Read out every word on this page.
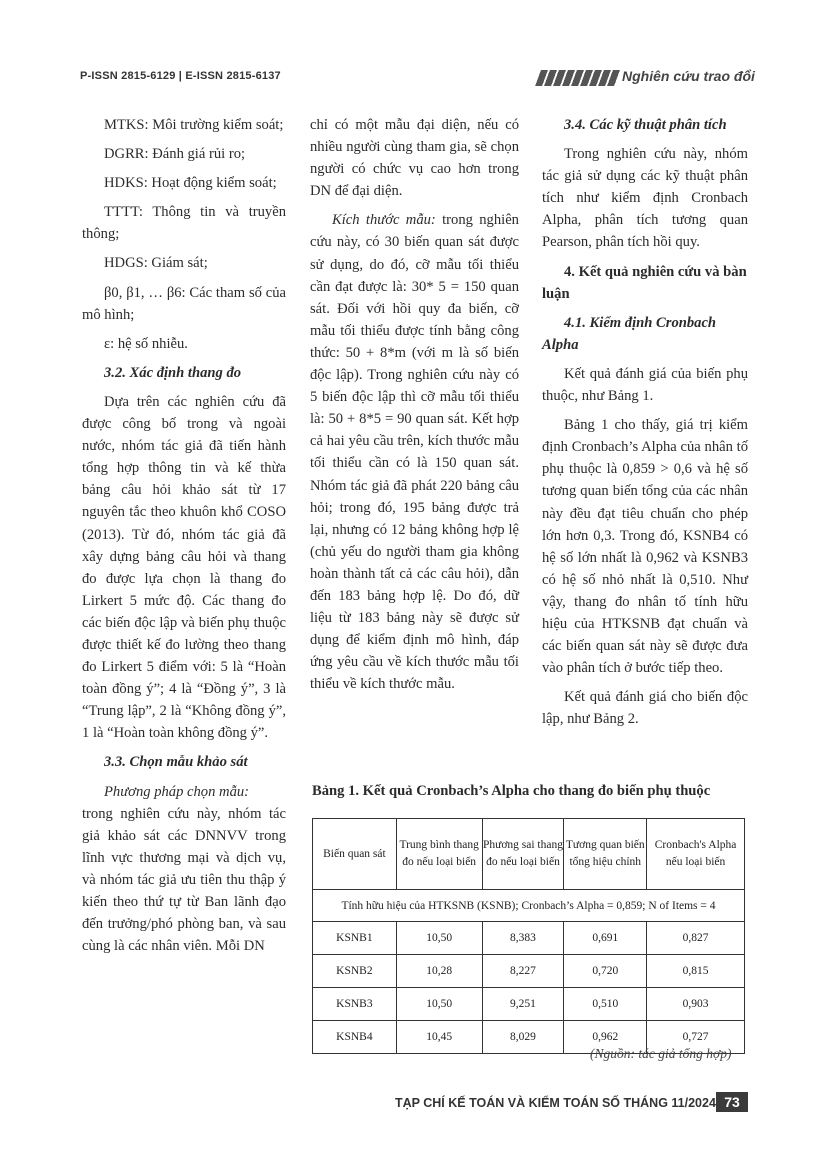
P-ISSN 2815-6129 | E-ISSN 2815-6137	Nghiên cứu trao đổi

MTKS: Môi trường kiểm soát;

DGRR: Đánh giá rủi ro;

HDKS: Hoạt động kiểm soát;

TTTT: Thông tin và truyền thông;

HDGS: Giám sát;

β0, β1, … β6: Các tham số của mô hình;

ε: hệ số nhiễu.

3.2. Xác định thang đo

Dựa trên các nghiên cứu đã được công bố trong và ngoài nước, nhóm tác giả đã tiến hành tổng hợp thông tin và kế thừa bảng câu hỏi khảo sát từ 17 nguyên tắc theo khuôn khổ COSO (2013). Từ đó, nhóm tác giả đã xây dựng bảng câu hỏi và thang đo được lựa chọn là thang đo Lirkert 5 mức độ. Các thang đo các biến độc lập và biến phụ thuộc được thiết kế đo lường theo thang đo Lirkert 5 điểm với: 5 là “Hoàn toàn đồng ý”; 4 là “Đồng ý”, 3 là “Trung lập”, 2 là “Không đồng ý”, 1 là “Hoàn toàn không đồng ý”.

3.3. Chọn mẫu khảo sát

Phương pháp chọn mẫu:

trong nghiên cứu này, nhóm tác giả khảo sát các DNNVV trong lĩnh vực thương mại và dịch vụ, và nhóm tác giả ưu tiên thu thập ý kiến theo thứ tự từ Ban lãnh đạo đến trưởng/phó phòng ban, và sau cùng là các nhân viên. Mỗi DN

chỉ có một mẫu đại diện, nếu có nhiều người cùng tham gia, sẽ chọn người có chức vụ cao hơn trong DN để đại diện.

Kích thước mẫu: trong nghiên cứu này, có 30 biến quan sát được sử dụng, do đó, cỡ mẫu tối thiểu cần đạt được là: 30* 5 = 150 quan sát. Đối với hồi quy đa biến, cỡ mẫu tối thiểu được tính bằng công thức: 50 + 8*m (với m là số biến độc lập). Trong nghiên cứu này có 5 biến độc lập thì cỡ mẫu tối thiểu là: 50 + 8*5 = 90 quan sát. Kết hợp cả hai yêu cầu trên, kích thước mẫu tối thiểu cần có là 150 quan sát. Nhóm tác giả đã phát 220 bảng câu hỏi; trong đó, 195 bảng được trả lại, nhưng có 12 bảng không hợp lệ (chủ yếu do người tham gia không hoàn thành tất cả các câu hỏi), dẫn đến 183 bảng hợp lệ. Do đó, dữ liệu từ 183 bảng này sẽ được sử dụng để kiểm định mô hình, đáp ứng yêu cầu về kích thước mẫu tối thiểu về kích thước mẫu.

3.4. Các kỹ thuật phân tích

Trong nghiên cứu này, nhóm tác giả sử dụng các kỹ thuật phân tích như kiểm định Cronbach Alpha, phân tích tương quan Pearson, phân tích hồi quy.

4. Kết quả nghiên cứu và bàn luận
4.1. Kiểm định Cronbach Alpha

Kết quả đánh giá của biến phụ thuộc, như Bảng 1.

Bảng 1 cho thấy, giá trị kiểm định Cronbach’s Alpha của nhân tố phụ thuộc là 0,859 > 0,6 và hệ số tương quan biến tổng của các nhân này đều đạt tiêu chuẩn cho phép lớn hơn 0,3. Trong đó, KSNB4 có hệ số lớn nhất là 0,962 và KSNB3 có hệ số nhỏ nhất là 0,510. Như vậy, thang đo nhân tố tính hữu hiệu của HTKSNB đạt chuẩn và các biến quan sát này sẽ được đưa vào phân tích ở bước tiếp theo.

Kết quả đánh giá cho biến độc lập, như Bảng 2.

Bảng 1. Kết quả Cronbach’s Alpha cho thang đo biến phụ thuộc
Biến quan sát	Trung bình thang đo nếu loại biến	Phương sai thang đo nếu loại biến	Tương quan biến tổng hiệu chỉnh	Cronbach's Alpha nếu loại biến
Tính hữu hiệu của HTKSNB (KSNB); Cronbach’s Alpha = 0,859; N of Items = 4				
KSNB1	10,50	8,383	0,691	0,827
KSNB2	10,28	8,227	0,720	0,815
KSNB3	10,50	9,251	0,510	0,903
KSNB4	10,45	8,029	0,962	0,727
(Nguồn: tác giả tổng hợp)
TẠP CHÍ KẾ TOÁN VÀ KIỂM TOÁN SỐ THÁNG 11/2024 73
